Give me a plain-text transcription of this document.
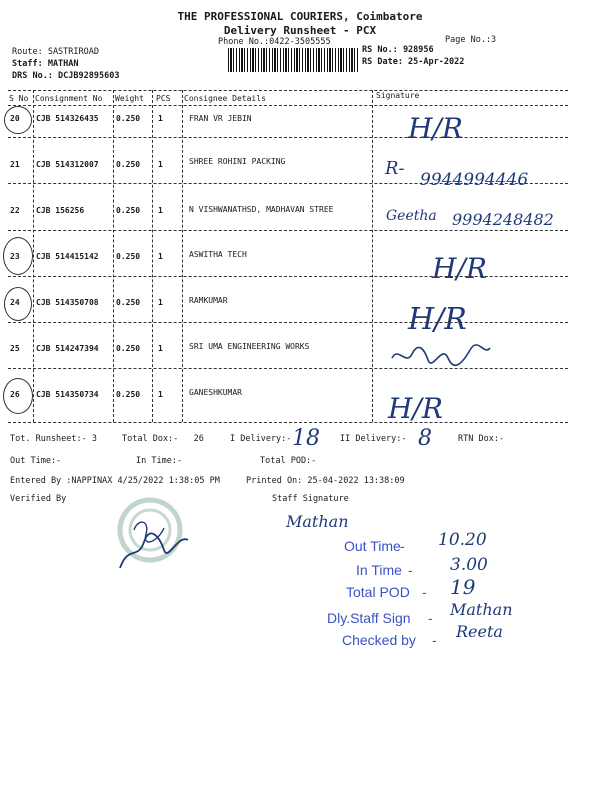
THE PROFESSIONAL COURIERS, Coimbatore
Delivery Runsheet - PCX
Phone No.:0422-3505555	Page No.:3
Route: SASTRIROAD
Staff: MATHAN
DRS No.: DCJB92895603
RS No.: 928956
RS Date: 25-Apr-2022
S No Consignment No Weight PCS Consignee Details	Signature
20 CJB 514326435 0.250 1	FRAN VR JEBIN	H/R
21 CJB 514312007 0.250 1	SHREE ROHINI PACKING	R-
9944994446
22 CJB 156256	0.250 1	N VISHWANATHSD, MADHAVAN STREE	Geetha 9994248482
23 CJB 514415142 0.250 1	ASWITHA TECH	H/R
24 CJB 514350708 0.250 1	RAMKUMAR
H/R
25 CJB 514247394 0.250 1	SRI UMA ENGINEERING WORKS
26 CJB 514350734 0.250 1	GANESHKUMAR	H/R
Tot. Runsheet:- 3	Total Dox:-   26	I Delivery:- 18 II Delivery:- 8	RTN Dox:-
Out Time:-	In Time:-	Total POD:-
Entered By :NAPPINAX 4/25/2022 1:38:05 PM	Printed On: 25-04-2022 13:38:09
Verified By	Staff Signature
Mathan
Out Time - 10.20
In Time - 3.00
Total POD - 19
Dly.Staff Sign - Mathan
Checked by - Reeta
